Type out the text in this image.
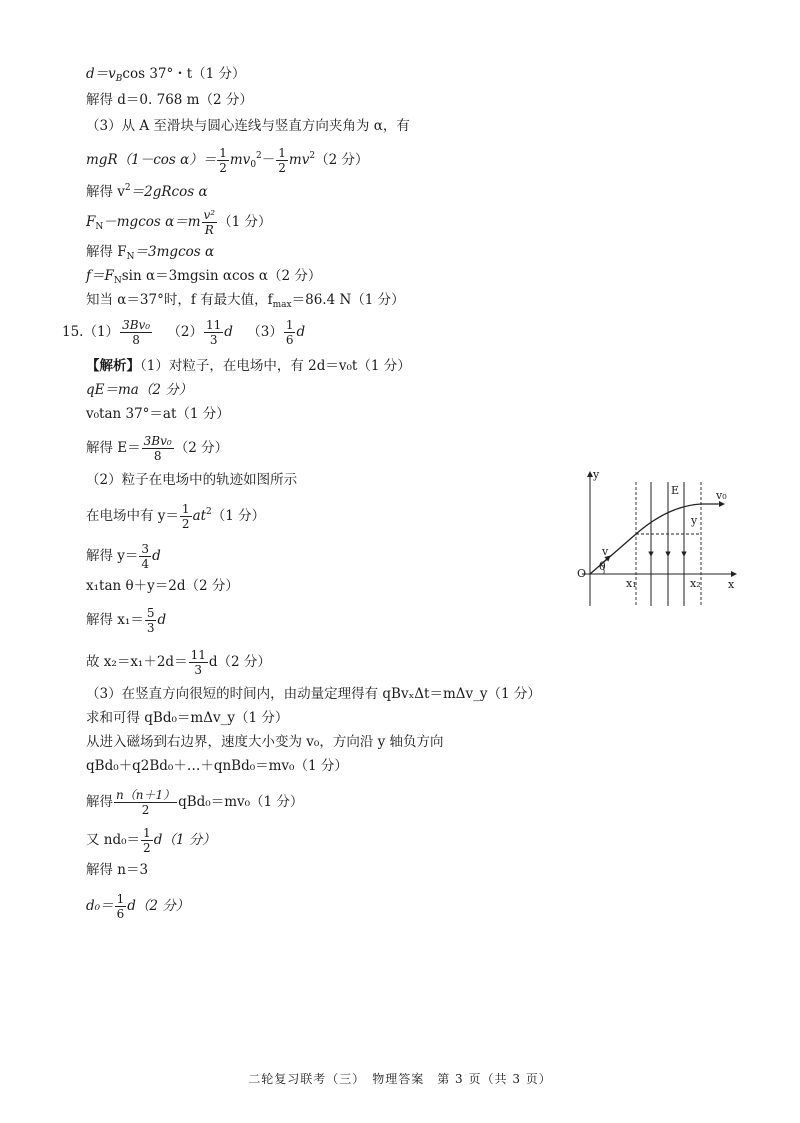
$d=v_B\cos$ 37°・t（1 分）
解得 d＝0. 768 m（2 分）
（3）从 A 至滑块与圆心连线与竖直方向夹角为 α，有
mgR（1－cos $\alpha)= \frac{1}{2} mv_0^2- \frac{1}{2} mv^2(2$ 分）
解得 $v^2=2gRcos$ α
$F_N-mgcos$ $\alpha=m \frac{\text{v²}}{R} (1$ 分）
解得 $F_N=3mgcos$ α
$f=F_N\sin$ α＝3mgsin αcos α（2 分）
知当 α＝37°时，f 有最大值，$f_{max}=86.4$ N（1 分）
$15.(1) \frac{\text{3Bv₀}}{8} (2) \frac{11}{3}$ d $(3) \frac{1}{6}$ d
【解析】（1）对粒子，在电场中，有 2d＝v₀t（1 分）
qE＝ma（2 分）
v₀tan 37°＝at（1 分）
解得 $E= \frac{\text{3Bv₀}}{8} (2$ 分）
（2）粒子在电场中的轨迹如图所示
在电场中有 $y= \frac{1}{2} at^2(1$ 分）
解得 $y= \frac{3}{4}$ d
x₁tan θ＋y＝2d（2 分）
解得 $x_1= \frac{5}{3}$ d
故 $x_2=x_1+2d= \frac{11}{3} d(2$ 分）
（3）在竖直方向很短的时间内，由动量定理得有 qBvₓΔt＝mΔv_y（1 分）
求和可得 qBd₀＝mΔv_y（1 分）
从进入磁场到右边界，速度大小变为 v₀，方向沿 y 轴负方向
qBd₀＋q2Bd₀＋…＋qnBd₀＝mv₀（1 分）
解得 $\frac{n(n+1)}{2} qBd_0=mv_0(1$ 分）
又 $nd_0= \frac{1}{2} d(1$ 分）
解得 n＝3
$d_0= \frac{1}{6} d(2$ 分）
y
x
O
E	v₀
v
θ
y
x₁	x₂
二轮复习联考（三）　物理答案　第 3 页（共 3 页）
